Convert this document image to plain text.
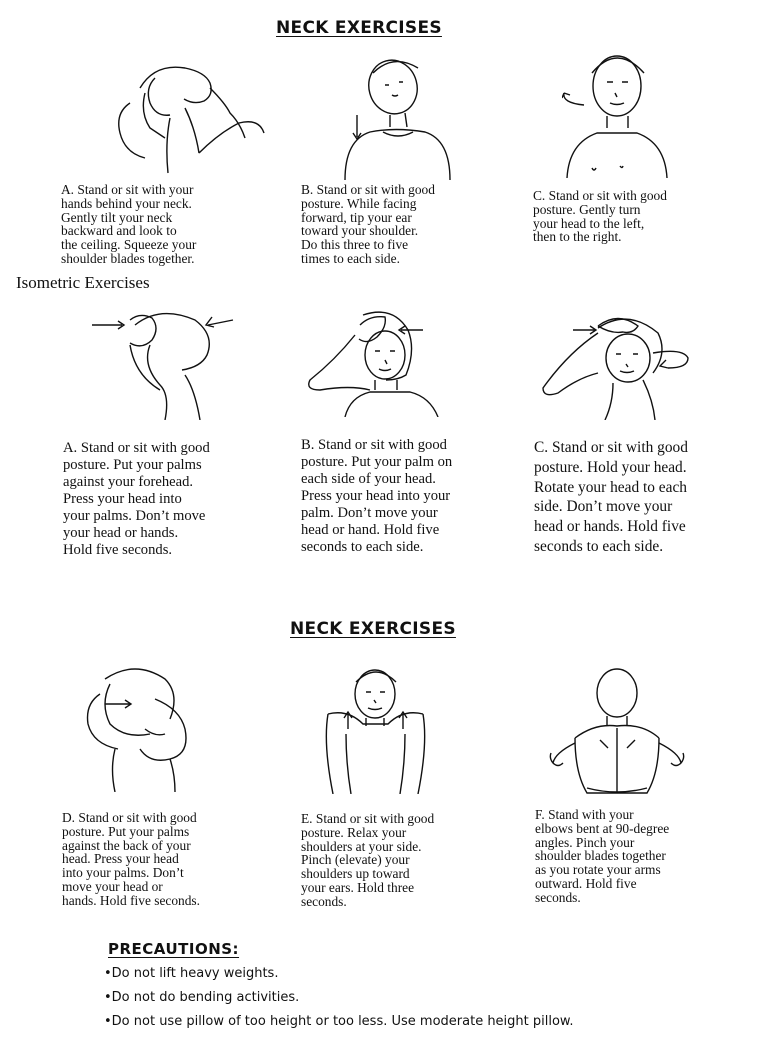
NECK EXERCISES
Isometric Exercises
NECK EXERCISES
A. Stand or sit with your
hands behind your neck.
Gently tilt your neck
backward and look to
the ceiling. Squeeze your
shoulder blades together.
B. Stand or sit with good
posture. While facing
forward, tip your ear
toward your shoulder.
Do this three to five
times to each side.
C. Stand or sit with good
posture. Gently turn
your head to the left,
then to the right.
A. Stand or sit with good
posture. Put your palms
against your forehead.
Press your head into
your palms. Don’t move
your head or hands.
Hold five seconds.
B. Stand or sit with good
posture. Put your palm on
each side of your head.
Press your head into your
palm. Don’t move your
head or hand. Hold five
seconds to each side.
C. Stand or sit with good
posture. Hold your head.
Rotate your head to each
side. Don’t move your
head or hands. Hold five
seconds to each side.
D. Stand or sit with good
posture. Put your palms
against the back of your
head. Press your head
into your palms. Don’t
move your head or
hands. Hold five seconds.
E. Stand or sit with good
posture. Relax your
shoulders at your side.
Pinch (elevate) your
shoulders up toward
your ears. Hold three
seconds.
F. Stand with your
elbows bent at 90-degree
angles. Pinch your
shoulder blades together
as you rotate your arms
outward. Hold five
seconds.
PRECAUTIONS:
• Do not lift heavy weights.
• Do not do bending activities.
• Do not use pillow of too height or too less. Use moderate height pillow.
